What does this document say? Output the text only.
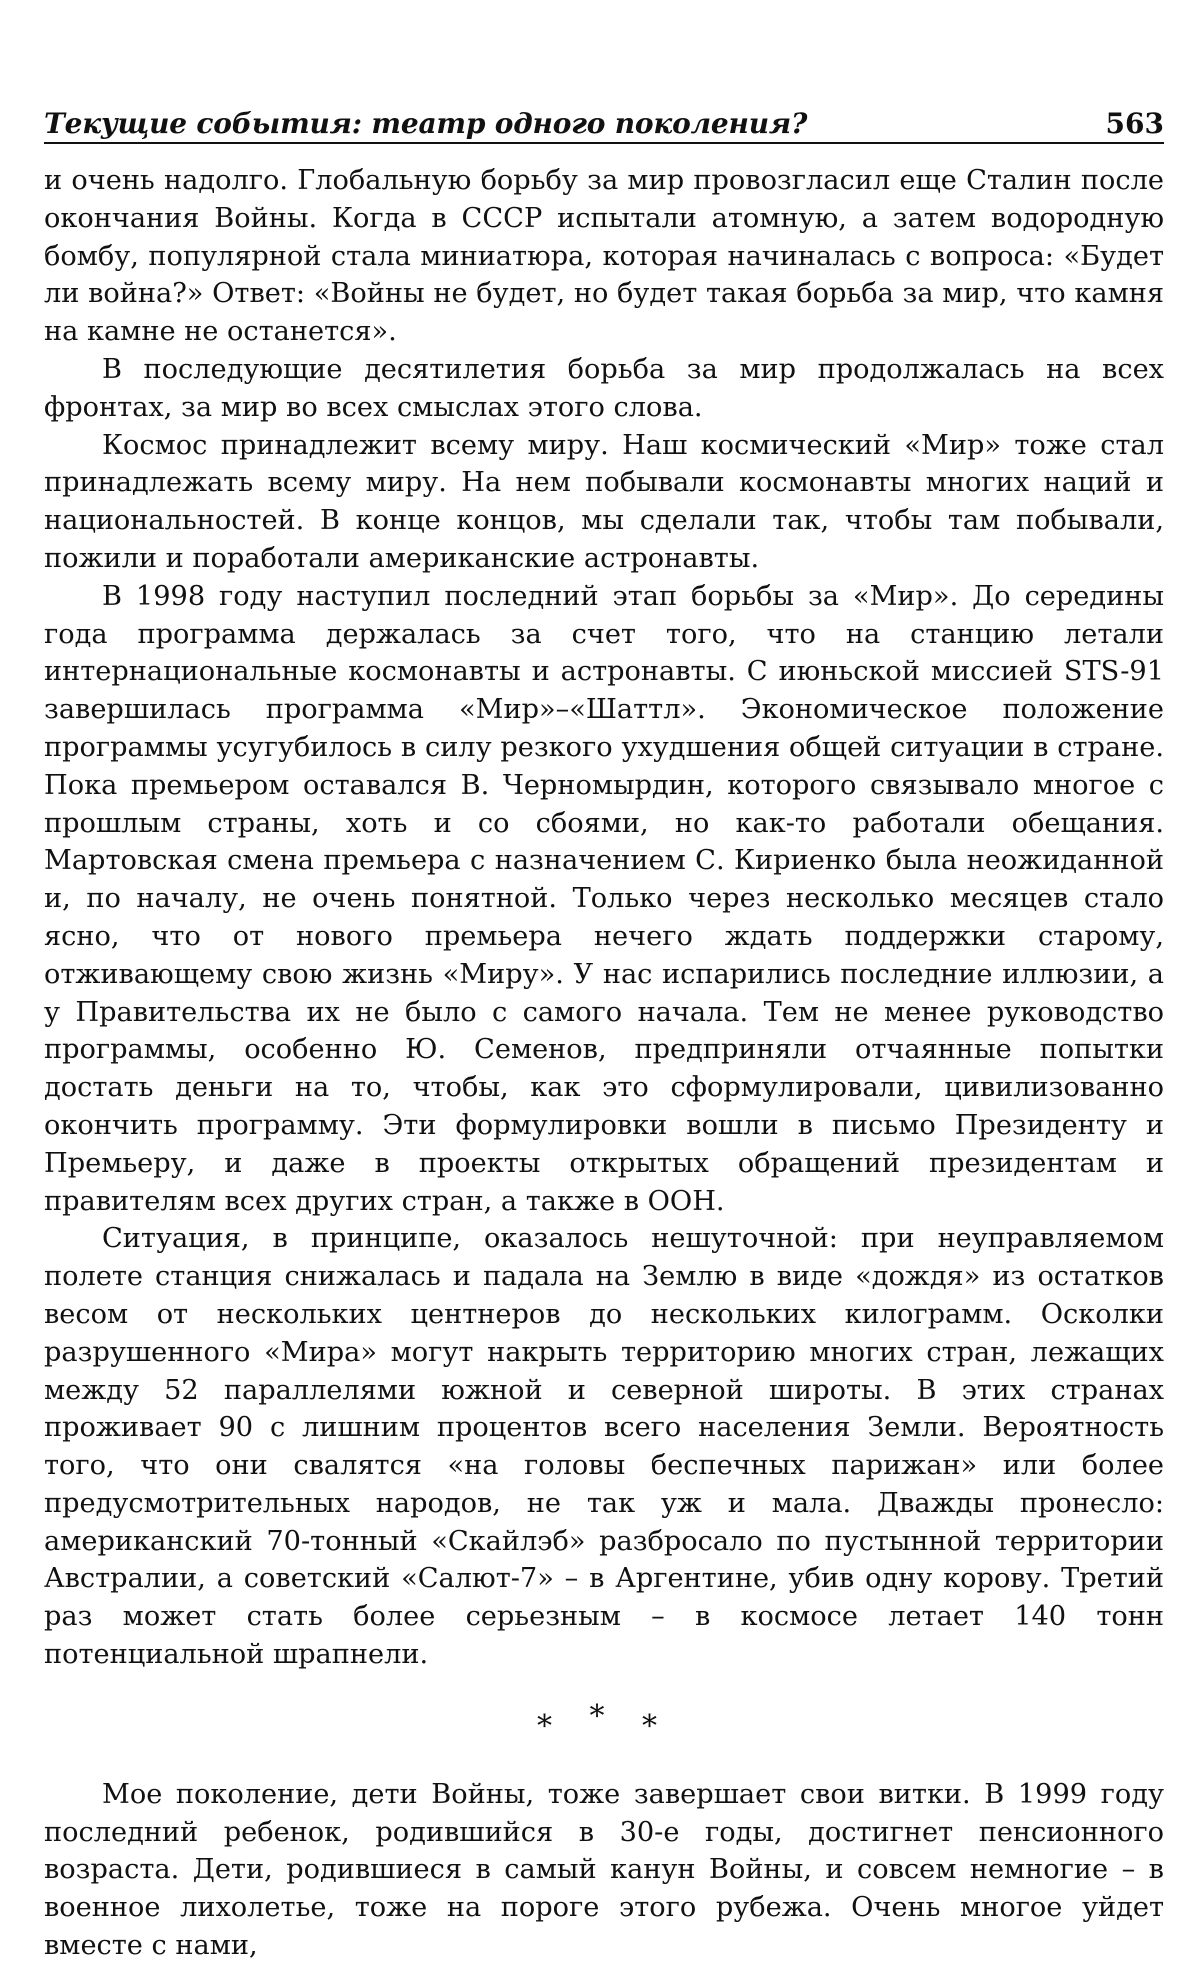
Текущие события: театр одного поколения?	563

и очень надолго. Глобальную борьбу за мир провозгласил еще Сталин после окончания Войны. Когда в СССР испытали атомную, а затем водородную бомбу, популярной стала миниатюра, которая начиналась с вопроса: «Будет ли война?» Ответ: «Войны не будет, но будет такая борьба за мир, что камня на камне не останется».

В последующие десятилетия борьба за мир продолжалась на всех фронтах, за мир во всех смыслах этого слова.

Космос принадлежит всему миру. Наш космический «Мир» тоже стал принадлежать всему миру. На нем побывали космонавты многих наций и национальностей. В конце концов, мы сделали так, чтобы там побывали, пожили и поработали американские астронавты.

В 1998 году наступил последний этап борьбы за «Мир». До середины года программа держалась за счет того, что на станцию летали интернациональные космонавты и астронавты. С июньской миссией STS-91 завершилась программа «Мир»–«Шаттл». Экономическое положение программы усугубилось в силу резкого ухудшения общей ситуации в стране. Пока премьером оставался В. Черномырдин, которого связывало многое с прошлым страны, хоть и со сбоями, но как-то работали обещания. Мартовская смена премьера с назначением С. Кириенко была неожиданной и, по началу, не очень понятной. Только через несколько месяцев стало ясно, что от нового премьера нечего ждать поддержки старому, отживающему свою жизнь «Миру». У нас испарились последние иллюзии, а у Правительства их не было с самого начала. Тем не менее руководство программы, особенно Ю. Семенов, предприняли отчаянные попытки достать деньги на то, чтобы, как это сформулировали, цивилизованно окончить программу. Эти формулировки вошли в письмо Президенту и Премьеру, и даже в проекты открытых обращений президентам и правителям всех других стран, а также в ООН.

Ситуация, в принципе, оказалось нешуточной: при неуправляемом полете станция снижалась и падала на Землю в виде «дождя» из остатков весом от нескольких центнеров до нескольких килограмм. Осколки разрушенного «Мира» могут накрыть территорию многих стран, лежащих между 52 параллелями южной и северной широты. В этих странах проживает 90 с лишним процентов всего населения Земли. Вероятность того, что они свалятся «на головы беспечных парижан» или более предусмотрительных народов, не так уж и мала. Дважды пронесло: американский 70-тонный «Скайлэб» разбросало по пустынной территории Австралии, а советский «Салют-7» – в Аргентине, убив одну корову. Третий раз может стать более серьезным – в космосе летает 140 тонн потенциальной шрапнели.

* * *

Мое поколение, дети Войны, тоже завершает свои витки. В 1999 году последний ребенок, родившийся в 30-е годы, достигнет пенсионного возраста. Дети, родившиеся в самый канун Войны, и совсем немногие – в военное лихолетье, тоже на пороге этого рубежа. Очень многое уйдет вместе с нами,
